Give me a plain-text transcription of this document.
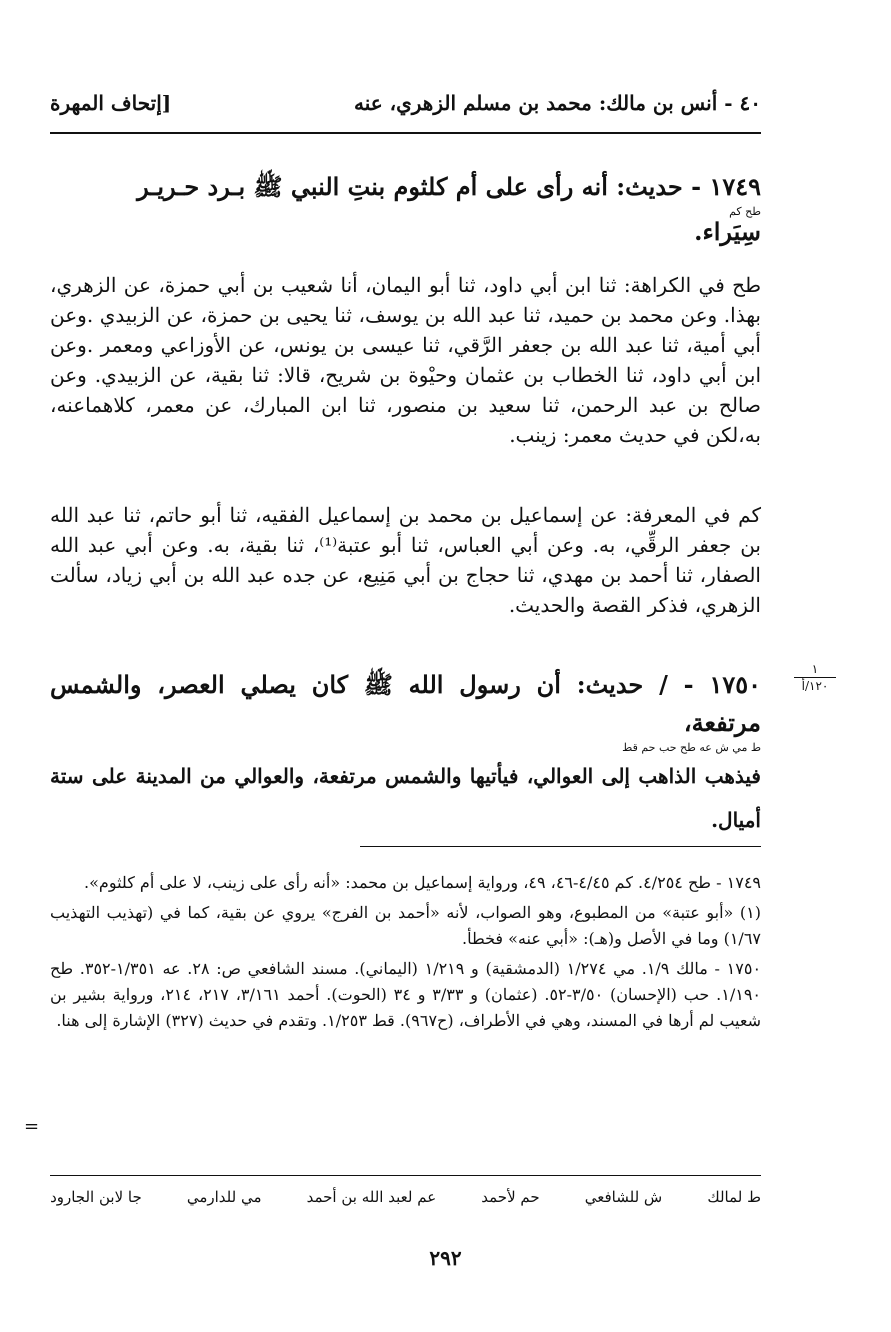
٤٠ - أنس بن مالك: محمد بن مسلم الزهري، عنه
[إتحاف المهرة
١
١٢٠/أ
١٧٤٩ - حديث: أنه رأى على أم كلثوم بنتِ النبي ﷺ بـرد حـريـر
طح كم
سِيَراء.

طح في الكراهة: ثنا ابن أبي داود، ثنا أبو اليمان، أنا شعيب بن أبي حمزة، عن الزهري، بهذا. وعن محمد بن حميد، ثنا عبد الله بن يوسف، ثنا يحيى بن حمزة، عن الزبيدي .وعن أبي أمية، ثنا عبد الله بن جعفر الرَّقي، ثنا عيسى بن يونس، عن الأوزاعي ومعمر .وعن ابن أبي داود، ثنا الخطاب بن عثمان وحيْوة بن شريح، قالا: ثنا بقية، عن الزبيدي. وعن صالح بن عبد الرحمن، ثنا سعيد بن منصور، ثنا ابن المبارك، عن معمر، كلاهماعنه، به،لكن في حديث معمر: زينب.

كم في المعرفة: عن إسماعيل بن محمد بن إسماعيل الفقيه، ثنا أبو حاتم، ثنا عبد الله بن جعفر الرقِّي، به. وعن أبي العباس، ثنا أبو عتبة⁽¹⁾، ثنا بقية، به. وعن أبي عبد الله الصفار، ثنا أحمد بن مهدي، ثنا حجاج بن أبي مَنِيع، عن جده عبد الله بن أبي زياد، سألت الزهري، فذكر القصة والحديث.

١٧٥٠ - / حديث: أن رسول الله ﷺ كان يصلي العصر، والشمس مرتفعة،
ط مي ش عه طح حب حم قط
فيذهب الذاهب إلى العوالي، فيأتيها والشمس مرتفعة، والعوالي من المدينة على ستة أميال.

١٧٤٩ - طح ٤/٢٥٤. كم ٤/٤٥-٤٦، ٤٩، ورواية إسماعيل بن محمد: «أنه رأى على زينب، لا على أم كلثوم».

(١) «أبو عتبة» من المطبوع، وهو الصواب، لأنه «أحمد بن الفرج» يروي عن بقية، كما في (تهذيب التهذيب ١/٦٧) وما في الأصل و(هـ): «أبي عنه» فخطأ.

١٧٥٠ - مالك ١/٩. مي ١/٢٧٤ (الدمشقية) و ١/٢١٩ (اليماني). مسند الشافعي ص: ٢٨. عه ١/٣٥١-٣٥٢. طح ١/١٩٠. حب (الإحسان) ٣/٥٠-٥٢. (عثمان) و ٣/٣٣ و ٣٤ (الحوت). أحمد ٣/١٦١، ٢١٧، ٢١٤، ورواية بشير بن شعيب لم أرها في المسند، وهي في الأطراف، (ح٩٦٧). قط ١/٢٥٣. وتقدم في حديث (٣٢٧) الإشارة إلى هنا.

=
ط لمالك
ش للشافعي
حم لأحمد
عم لعبد الله بن أحمد
مي للدارمي
جا لابن الجارود
٢٩٢
